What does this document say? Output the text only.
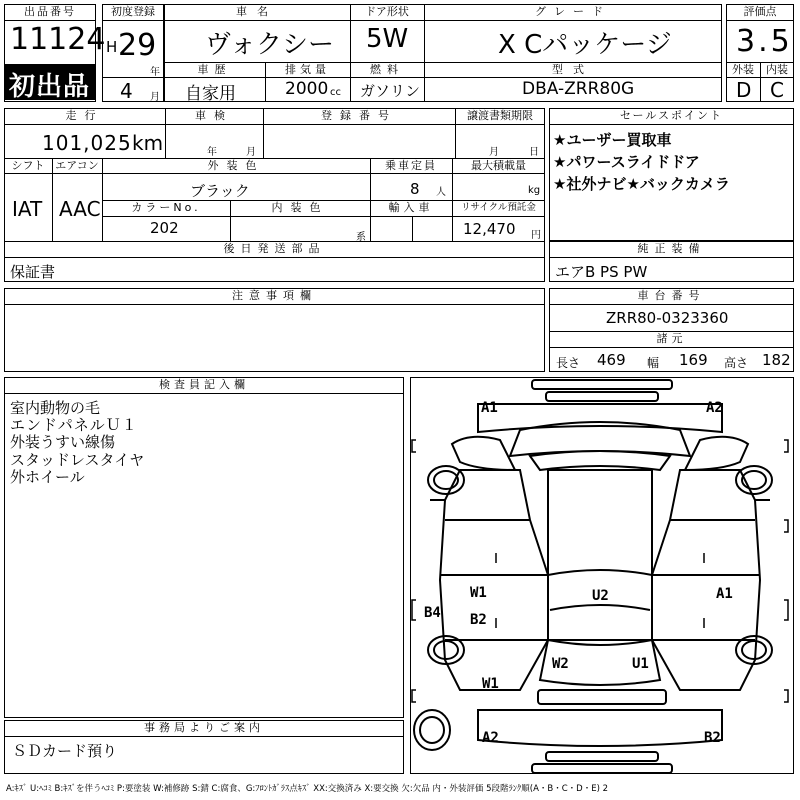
出品番号
11124
初出品
初度登録
H 29
年
4 月
車名
ヴォクシー
ドア形状
5W
グレード
X Cパッケージ
車歴
自家用
排気量
2000 cc
燃料
ガソリン
型式
DBA-ZRR80G
評価点
3.5
外装	内装
D C
走行
101,025 km
車検
年	月
登録番号	譲渡書類期限
月	日
シフト
IAT
エアコン
AAC
外装色
ブラック
乗車定員
8 人
最大積載量
kg
カラーNo.
202
内装色
系
輸入車	リサイクル預託金
12,470 円
後日発送部品
保証書
セールスポイント
★ユーザー買取車
★パワースライドドア
★社外ナビ★バックカメラ
純正装備
エアB PS PW
注意事項欄	車台番号
ZRR80-0323360
諸元
長さ 469 幅 169 高さ 182
検査員記入欄
室内動物の毛
エンドパネルＵ１
外装うすい線傷
スタッドレスタイヤ
外ホイール
事務局よりご案内
ＳＤカード預り
A1	A2
W1
B2
B4
U2	A1
W2	U1
W1
A2	B2
A:ｷｽﾞ U:ﾍｺﾐ B:ｷｽﾞを伴うﾍｺﾐ P:要塗装 W:補修跡 S:錆 C:腐食、G:ﾌﾛﾝﾄｶﾞﾗｽ点ｷｽﾞ XX:交換済み X:要交換 欠:欠品 内・外装評価 5段階ﾗﾝｸ順(A・B・C・D・E) 2
